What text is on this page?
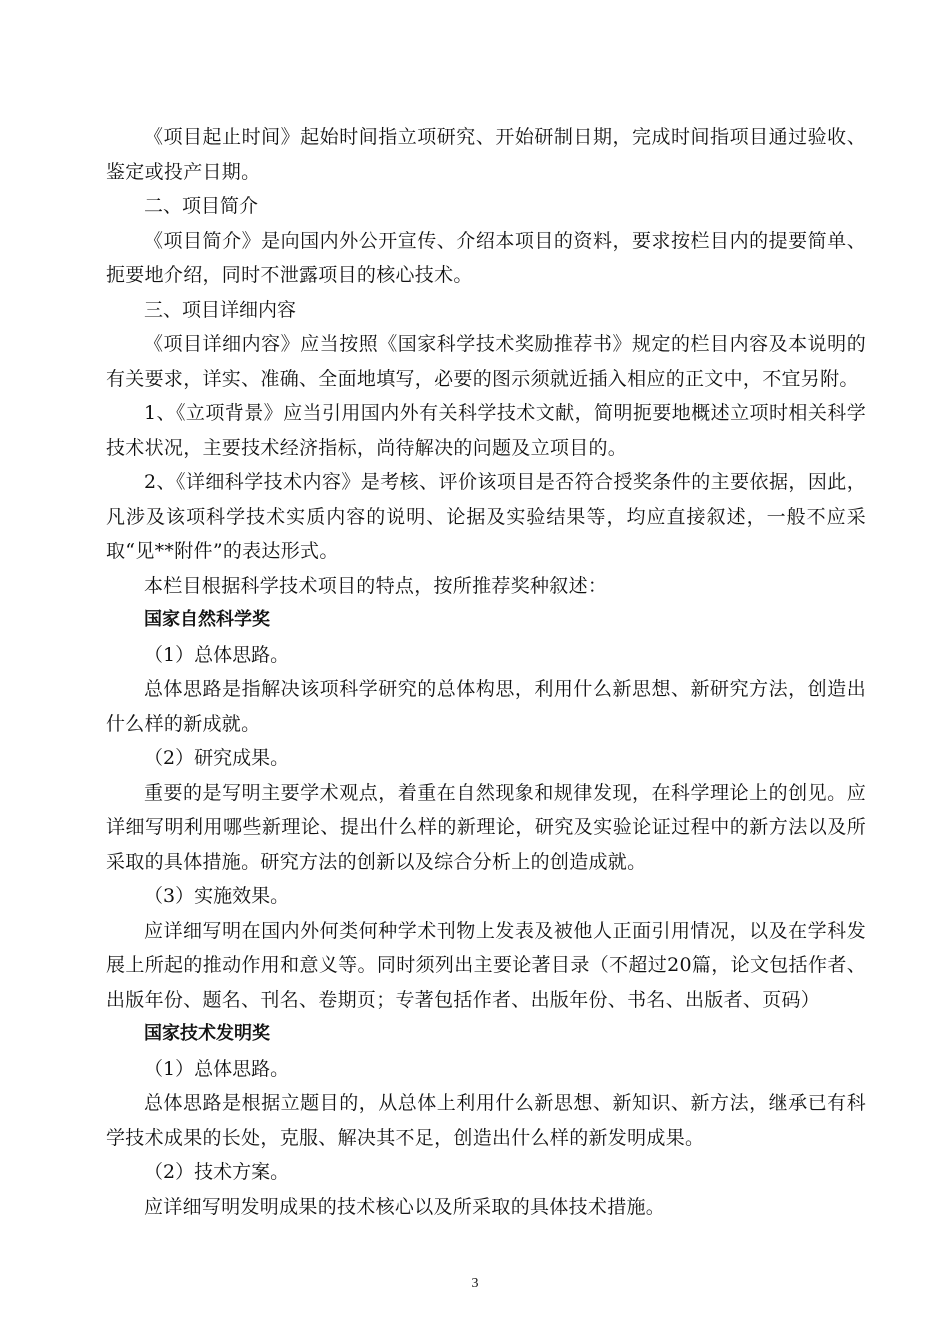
《项目起止时间》起始时间指立项研究、开始研制日期，完成时间指项目通过验收、鉴定或投产日期。

二、项目简介

《项目简介》是向国内外公开宣传、介绍本项目的资料，要求按栏目内的提要简单、扼要地介绍，同时不泄露项目的核心技术。

三、项目详细内容

《项目详细内容》应当按照《国家科学技术奖励推荐书》规定的栏目内容及本说明的有关要求，详实、准确、全面地填写，必要的图示须就近插入相应的正文中，不宜另附。

1、《立项背景》应当引用国内外有关科学技术文献，简明扼要地概述立项时相关科学技术状况，主要技术经济指标，尚待解决的问题及立项目的。

2、《详细科学技术内容》是考核、评价该项目是否符合授奖条件的主要依据，因此，凡涉及该项科学技术实质内容的说明、论据及实验结果等，均应直接叙述，一般不应采取“见**附件”的表达形式。

本栏目根据科学技术项目的特点，按所推荐奖种叙述：

国家自然科学奖

（1）总体思路。

总体思路是指解决该项科学研究的总体构思，利用什么新思想、新研究方法，创造出什么样的新成就。

（2）研究成果。

重要的是写明主要学术观点，着重在自然现象和规律发现，在科学理论上的创见。应详细写明利用哪些新理论、提出什么样的新理论，研究及实验论证过程中的新方法以及所采取的具体措施。研究方法的创新以及综合分析上的创造成就。

（3）实施效果。

应详细写明在国内外何类何种学术刊物上发表及被他人正面引用情况，以及在学科发展上所起的推动作用和意义等。同时须列出主要论著目录（不超过20篇，论文包括作者、出版年份、题名、刊名、卷期页；专著包括作者、出版年份、书名、出版者、页码）

国家技术发明奖

（1）总体思路。

总体思路是根据立题目的，从总体上利用什么新思想、新知识、新方法，继承已有科学技术成果的长处，克服、解决其不足，创造出什么样的新发明成果。

（2）技术方案。

应详细写明发明成果的技术核心以及所采取的具体技术措施。

3
